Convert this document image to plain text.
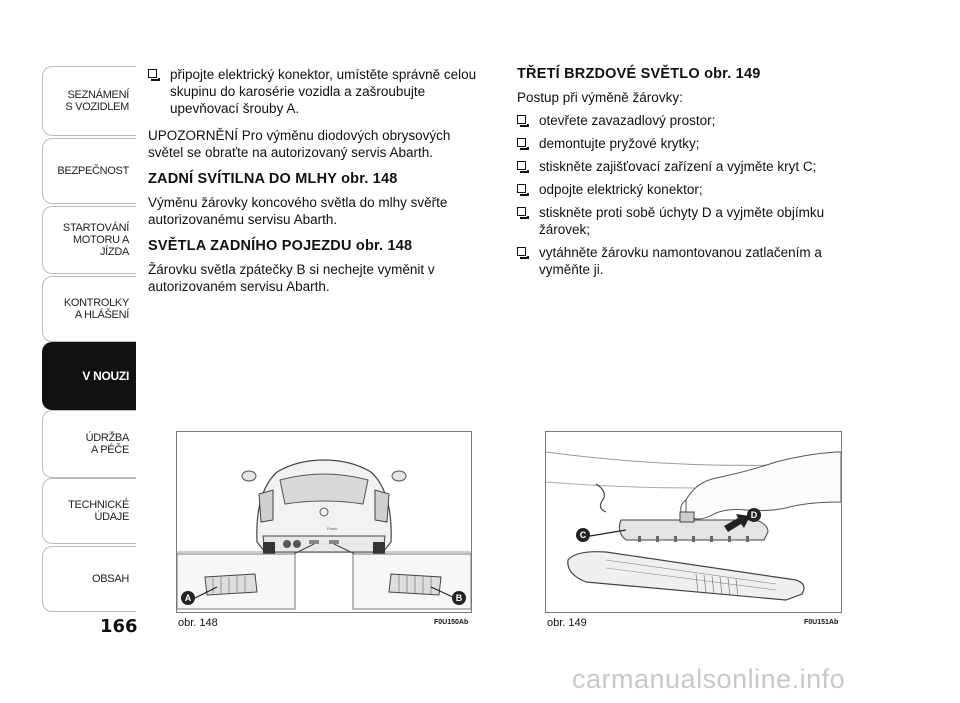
SEZNÁMENÍ
S VOZIDLEM
BEZPEČNOST
STARTOVÁNÍ
MOTORU A JÍZDA
KONTROLKY
A HLÁŠENÍ
V NOUZI
ÚDRŽBA
A PÉČE
TECHNICKÉ
ÚDAJE
OBSAH
166
připojte elektrický konektor, umístěte správně celou skupinu do karosérie vozidla a zašroubujte upevňovací šrouby A.

UPOZORNĚNÍ Pro výměnu diodových obrysových světel se obraťte na autorizovaný servis Abarth.

ZADNÍ SVÍTILNA DO MLHY obr. 148

Výměnu žárovky koncového světla do mlhy svěřte autorizovanému servisu Abarth.

SVĚTLA ZADNÍHO POJEZDU obr. 148

Žárovku světla zpátečky B si nechejte vyměnit v autorizovaném servisu Abarth.

TŘETÍ BRZDOVÉ SVĚTLO obr. 149

Postup při výměně žárovky:

otevřete zavazadlový prostor;
demontujte pryžové krytky;
stiskněte zajišťovací zařízení a vyjměte kryt C;
odpojte elektrický konektor;
stiskněte proti sobě úchyty D a vyjměte objímku žárovek;
vytáhněte žárovku namontovanou zatlačením a vyměňte ji.
Punto
A	B
obr. 148	F0U150Ab
C
D
obr. 149	F0U151Ab
carmanualsonline.info
